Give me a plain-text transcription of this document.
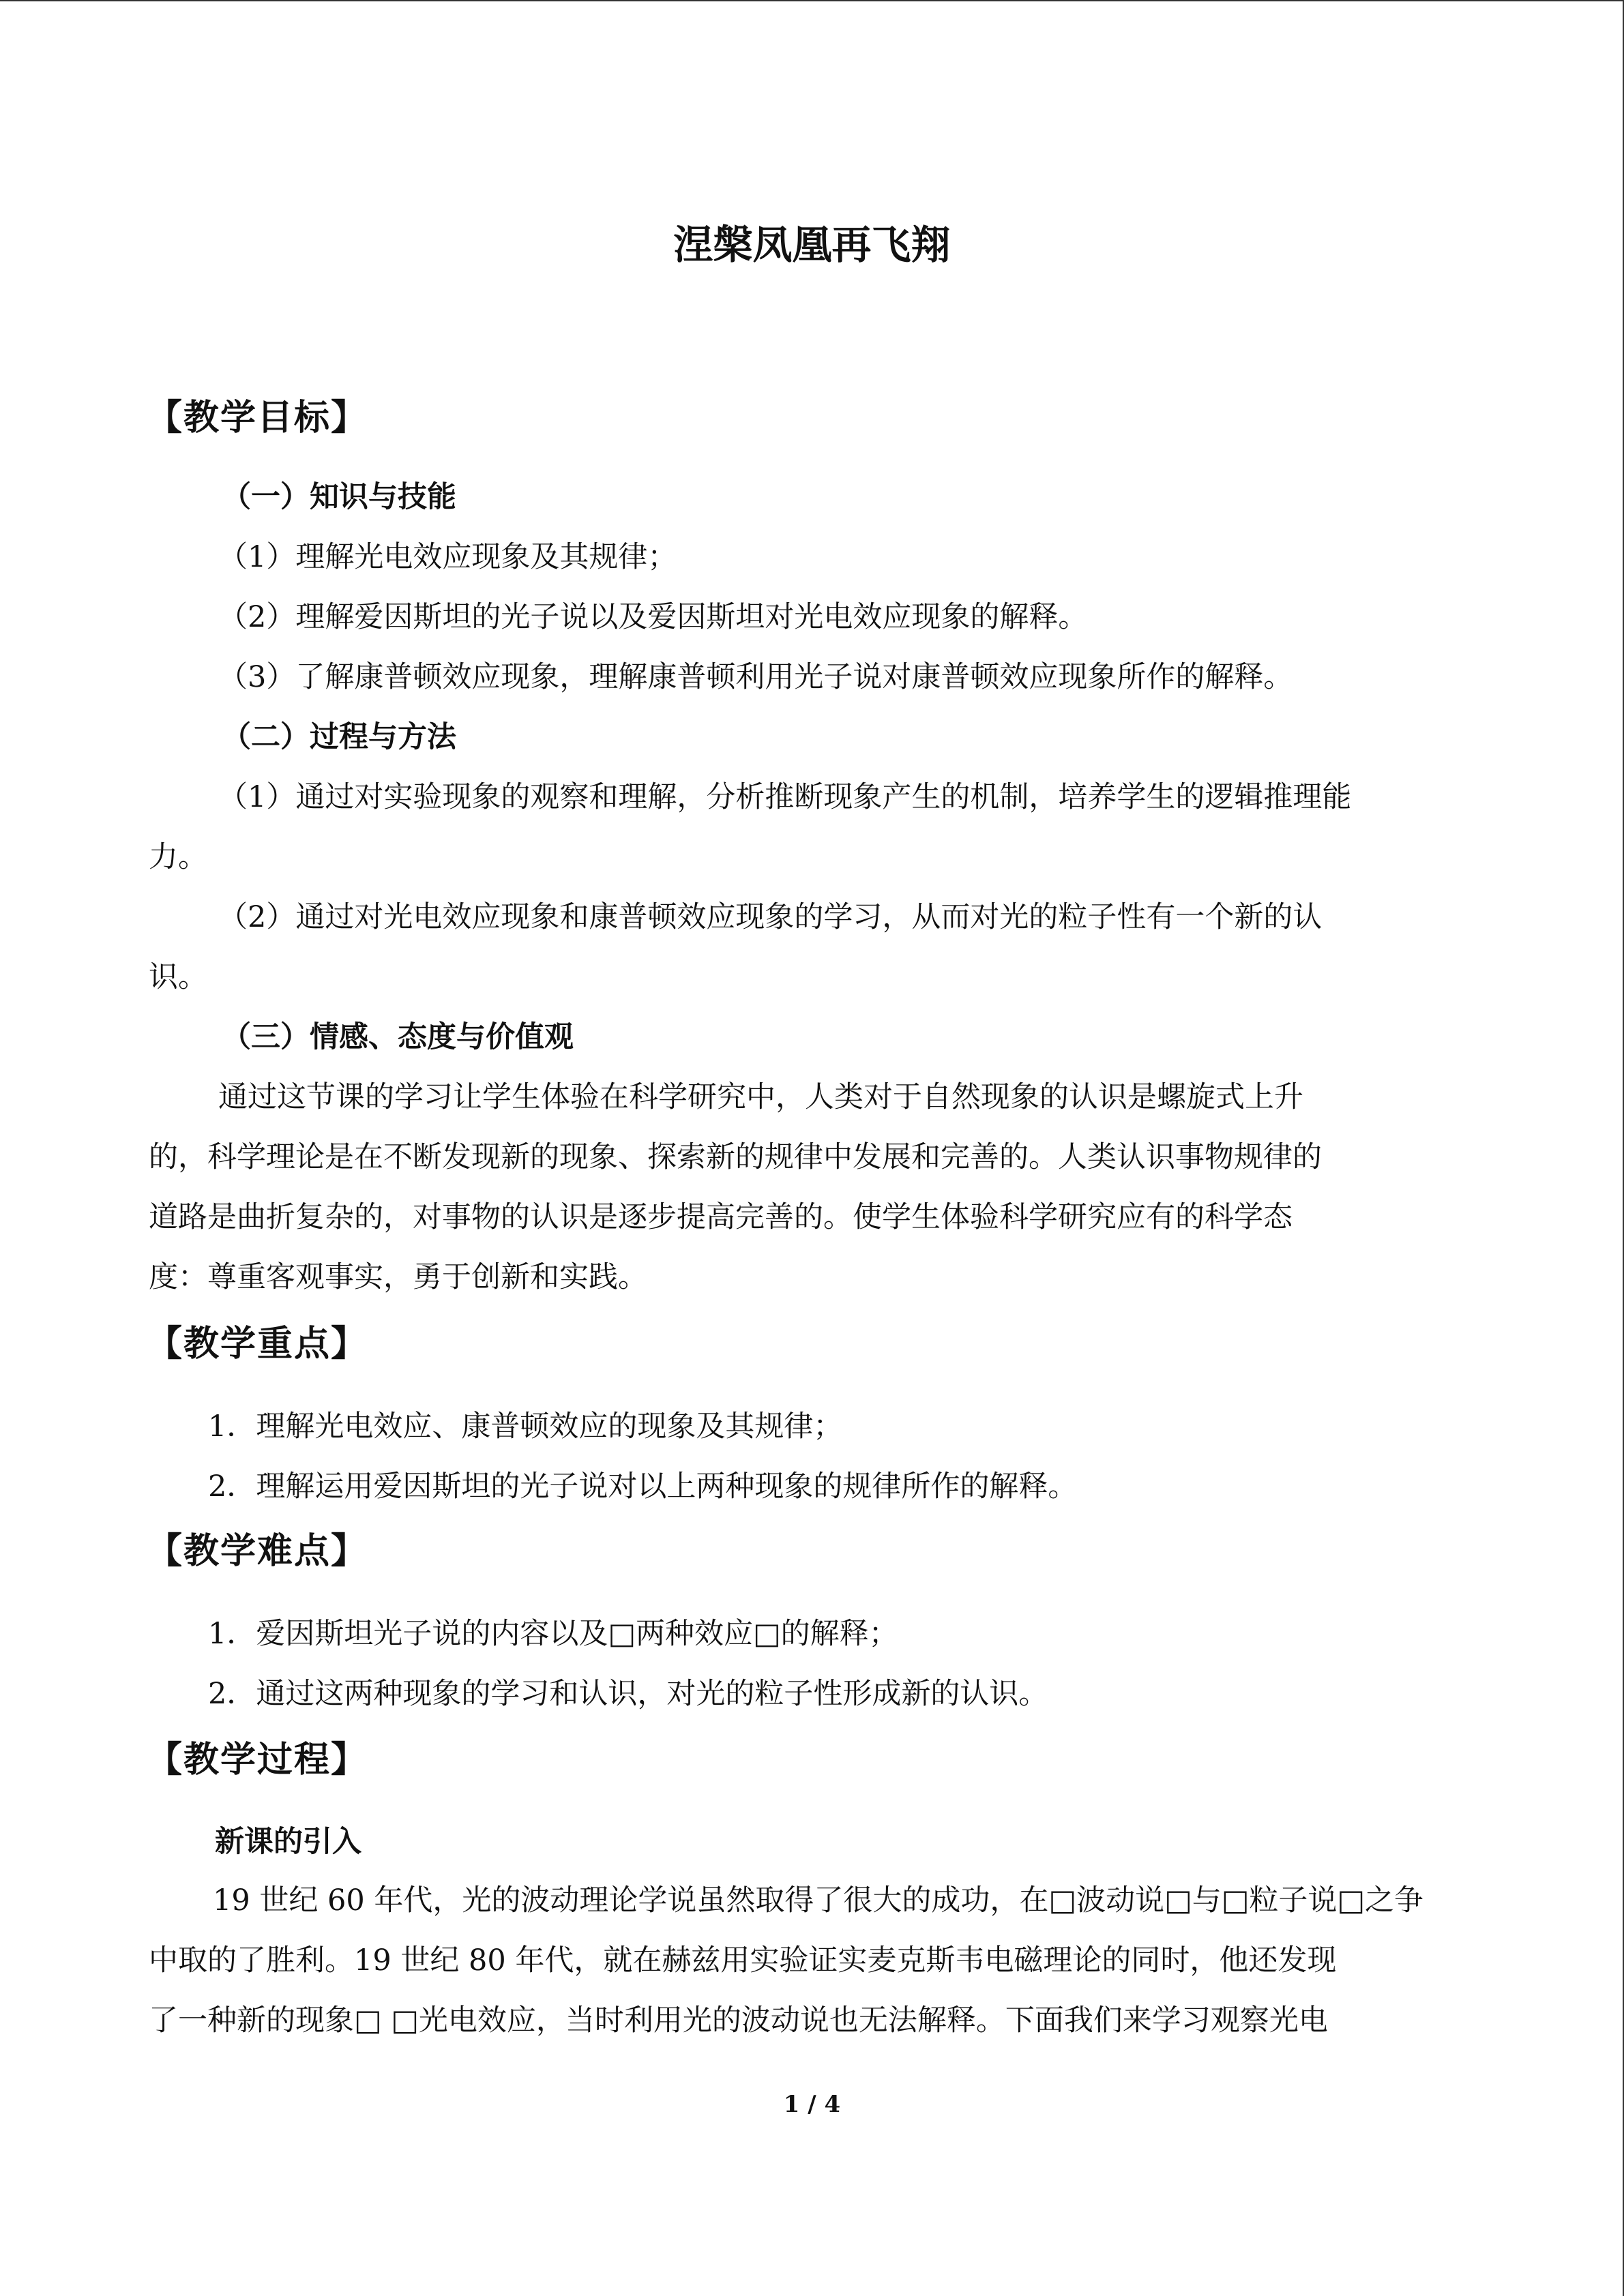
涅槃凤凰再飞翔
【教学目标】
（一）知识与技能
（1）理解光电效应现象及其规律；
（2）理解爱因斯坦的光子说以及爱因斯坦对光电效应现象的解释。
（3）了解康普顿效应现象，理解康普顿利用光子说对康普顿效应现象所作的解释。
（二）过程与方法
（1）通过对实验现象的观察和理解，分析推断现象产生的机制，培养学生的逻辑推理能
力。
（2）通过对光电效应现象和康普顿效应现象的学习，从而对光的粒子性有一个新的认
识。
（三）情感、态度与价值观
通过这节课的学习让学生体验在科学研究中，人类对于自然现象的认识是螺旋式上升
的，科学理论是在不断发现新的现象、探索新的规律中发展和完善的。人类认识事物规律的
道路是曲折复杂的，对事物的认识是逐步提高完善的。使学生体验科学研究应有的科学态
度：尊重客观事实，勇于创新和实践。
【教学重点】
1．理解光电效应、康普顿效应的现象及其规律；
2．理解运用爱因斯坦的光子说对以上两种现象的规律所作的解释。
【教学难点】
1．爱因斯坦光子说的内容以及□两种效应□的解释；
2．通过这两种现象的学习和认识，对光的粒子性形成新的认识。
【教学过程】
新课的引入
19 世纪 60 年代，光的波动理论学说虽然取得了很大的成功，在□波动说□与□粒子说□之争
中取的了胜利。19 世纪 80 年代，就在赫兹用实验证实麦克斯韦电磁理论的同时，他还发现
了一种新的现象□ □光电效应，当时利用光的波动说也无法解释。下面我们来学习观察光电
1 / 4
